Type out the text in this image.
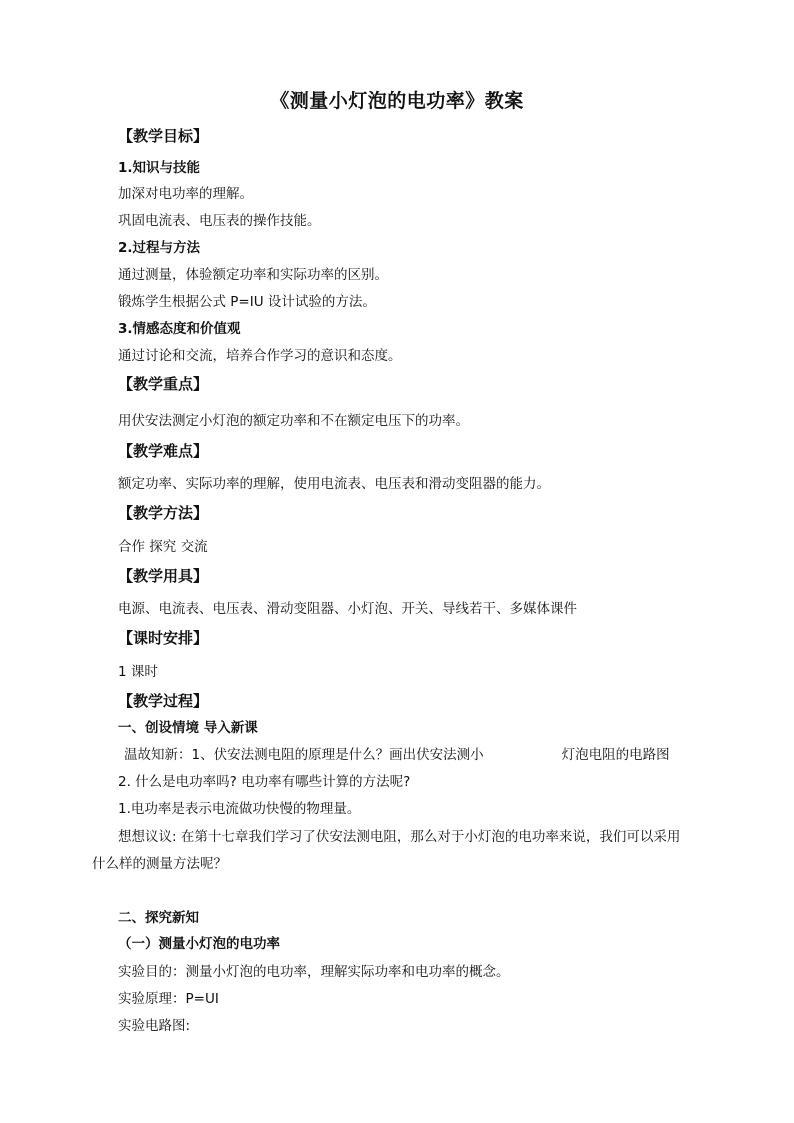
《测量小灯泡的电功率》教案
【教学目标】
1.知识与技能
加深对电功率的理解。
巩固电流表、电压表的操作技能。
2.过程与方法
通过测量，体验额定功率和实际功率的区别。
锻炼学生根据公式 P=IU 设计试验的方法。
3.情感态度和价值观
通过讨论和交流，培养合作学习的意识和态度。
【教学重点】
用伏安法测定小灯泡的额定功率和不在额定电压下的功率。
【教学难点】
额定功率、实际功率的理解，使用电流表、电压表和滑动变阻器的能力。
【教学方法】
合作 探究 交流
【教学用具】
电源、电流表、电压表、滑动变阻器、小灯泡、开关、导线若干、多媒体课件
【课时安排】
1 课时
【教学过程】
一、创设情境 导入新课
温故知新：1、伏安法测电阻的原理是什么？画出伏安法测小	灯泡电阻的电路图
2. 什么是电功率吗? 电功率有哪些计算的方法呢?
1.电功率是表示电流做功快慢的物理量。
想想议议: 在第十七章我们学习了伏安法测电阻，那么对于小灯泡的电功率来说，我们可以采用
什么样的测量方法呢？
二、探究新知
（一）测量小灯泡的电功率
实验目的：测量小灯泡的电功率，理解实际功率和电功率的概念。
实验原理：P=UI
实验电路图:
